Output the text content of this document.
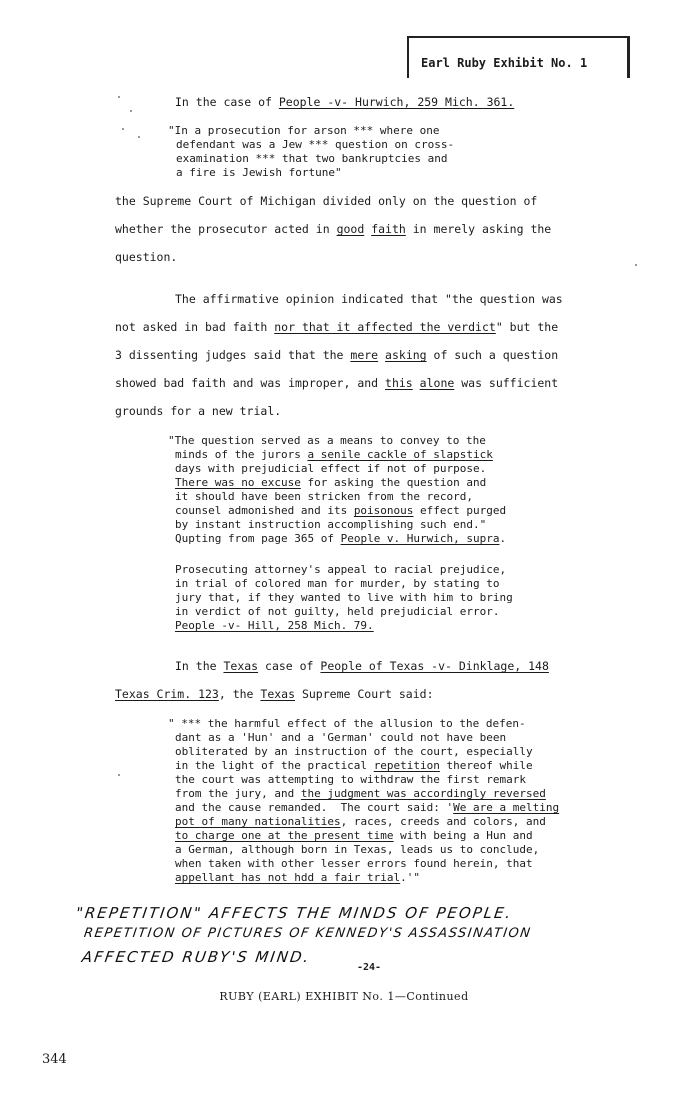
Earl Ruby Exhibit No. 1
In the case of People -v- Hurwich, 259 Mich. 361.
"In a prosecution for arson *** where one
defendant was a Jew *** question on cross-
examination *** that two bankruptcies and
a fire is Jewish fortune"
the Supreme Court of Michigan divided only on the question of
whether the prosecutor acted in good faith in merely asking the
question.
The affirmative opinion indicated that "the question was
not asked in bad faith nor that it affected the verdict" but the
3 dissenting judges said that the mere asking of such a question
showed bad faith and was improper, and this alone was sufficient
grounds for a new trial.
"The question served as a means to convey to the
minds of the jurors a senile cackle of slapstick
days with prejudicial effect if not of purpose.
There was no excuse for asking the question and
it should have been stricken from the record,
counsel admonished and its poisonous effect purged
by instant instruction accomplishing such end."
Qupting from page 365 of People v. Hurwich, supra.
Prosecuting attorney's appeal to racial prejudice,
in trial of colored man for murder, by stating to
jury that, if they wanted to live with him to bring
in verdict of not guilty, held prejudicial error.
People -v- Hill, 258 Mich. 79.
In the Texas case of People of Texas -v- Dinklage, 148
Texas Crim. 123, the Texas Supreme Court said:
" *** the harmful effect of the allusion to the defen-
dant as a 'Hun' and a 'German' could not have been
obliterated by an instruction of the court, especially
in the light of the practical repetition thereof while
the court was attempting to withdraw the first remark
from the jury, and the judgment was accordingly reversed
and the cause remanded.  The court said: 'We are a melting
pot of many nationalities, races, creeds and colors, and
to charge one at the present time with being a Hun and
a German, although born in Texas, leads us to conclude,
when taken with other lesser errors found herein, that
appellant has not hdd a fair trial.'"
"REPETITION" AFFECTS THE MINDS OF PEOPLE.
REPETITION OF PICTURES OF KENNEDY'S ASSASSINATION
AFFECTED RUBY'S MIND.
-24-
RUBY (EARL) EXHIBIT No. 1—Continued
344
